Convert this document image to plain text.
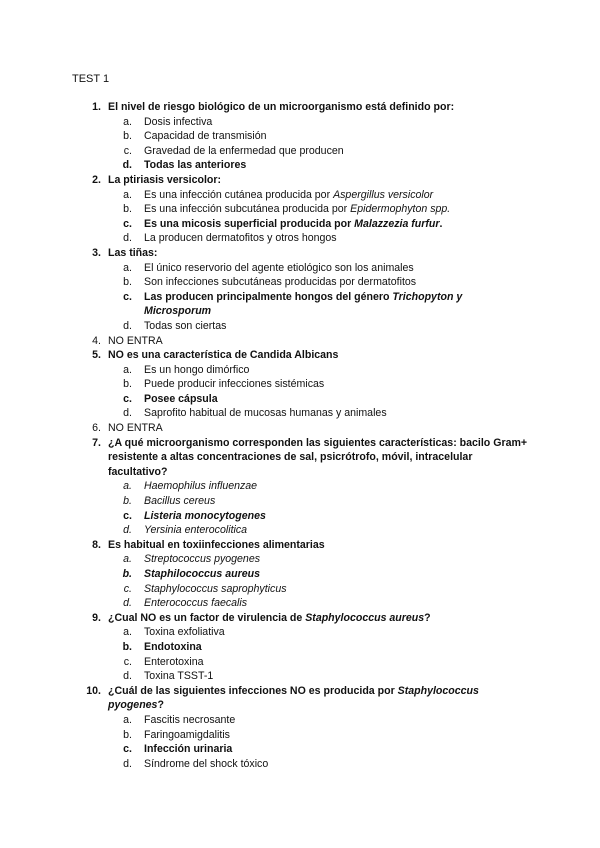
TEST 1
1. El nivel de riesgo biológico de un microorganismo está definido por:
a.	Dosis infectiva
b.	Capacidad de transmisión
c.	Gravedad de la enfermedad que producen
d.	Todas las anteriores
2. La ptiriasis versicolor:
a.	Es una infección cutánea producida por Aspergillus versicolor
b.	Es una infección subcutánea producida por Epidermophyton spp.
c.	Es una micosis superficial producida por Malazzezia furfur.
d.	La producen dermatofitos y otros hongos
3. Las tiñas:
a.	El único reservorio del agente etiológico son los animales
b.	Son infecciones subcutáneas producidas por dermatofitos
c.	Las producen principalmente hongos del género Trichopyton y Microsporum
d.	Todas son ciertas
4. NO ENTRA
5. NO es una característica de Candida Albicans
a.	Es un hongo dimórfico
b.	Puede producir infecciones sistémicas
c.	Posee cápsula
d.	Saprofito habitual de mucosas humanas y animales
6. NO ENTRA
7. ¿A qué microorganismo corresponden las siguientes características: bacilo Gram+ resistente a altas concentraciones de sal, psicrótrofo, móvil, intracelular facultativo?
a.	Haemophilus influenzae
b.	Bacillus cereus
c.	Listeria monocytogenes
d.	Yersinia enterocolitica
8. Es habitual en toxiinfecciones alimentarias
a.	Streptococcus pyogenes
b.	Staphilococcus aureus
c.	Staphylococcus saprophyticus
d.	Enterococcus faecalis
9. ¿Cual NO es un factor de virulencia de Staphylococcus aureus?
a.	Toxina exfoliativa
b.	Endotoxina
c.	Enterotoxina
d.	Toxina TSST-1
10. ¿Cuál de las siguientes infecciones NO es producida por Staphylococcus pyogenes?
a.	Fascitis necrosante
b.	Faringoamigdalitis
c.	Infección urinaria
d.	Síndrome del shock tóxico
